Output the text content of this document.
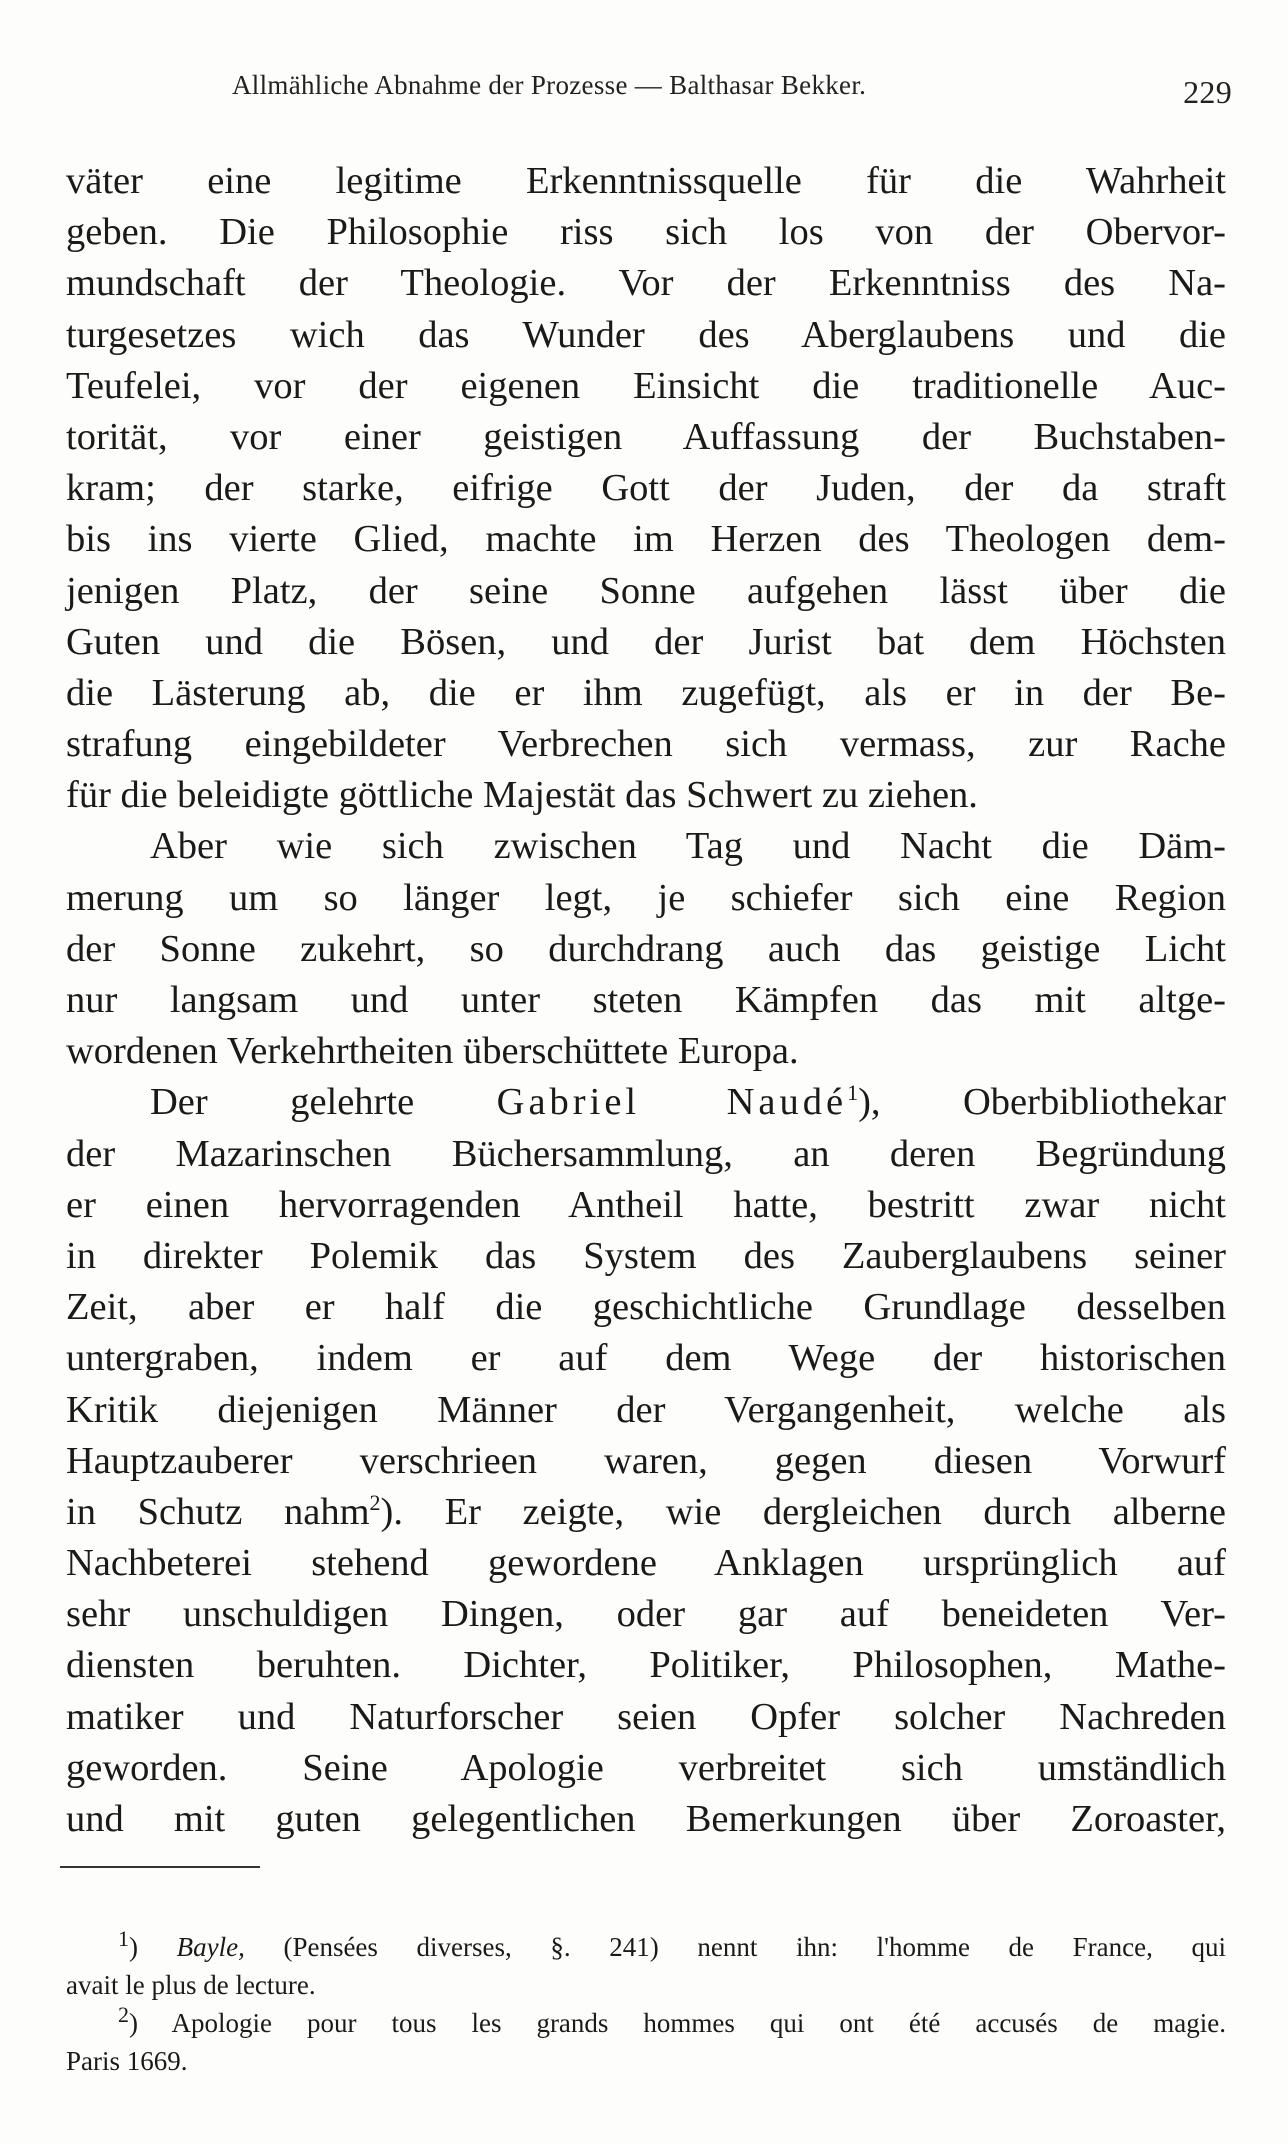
Allmähliche Abnahme der Prozesse — Balthasar Bekker.	229
väter eine legitime Erkenntnissquelle für die Wahrheit
geben. Die Philosophie riss sich los von der Obervor-
mundschaft der Theologie. Vor der Erkenntniss des Na-
turgesetzes wich das Wunder des Aberglaubens und die
Teufelei, vor der eigenen Einsicht die traditionelle Auc-
torität, vor einer geistigen Auffassung der Buchstaben-
kram; der starke, eifrige Gott der Juden, der da straft
bis ins vierte Glied, machte im Herzen des Theologen dem-
jenigen Platz, der seine Sonne aufgehen lässt über die
Guten und die Bösen, und der Jurist bat dem Höchsten
die Lästerung ab, die er ihm zugefügt, als er in der Be-
strafung eingebildeter Verbrechen sich vermass, zur Rache
für die beleidigte göttliche Majestät das Schwert zu ziehen.
Aber wie sich zwischen Tag und Nacht die Däm-
merung um so länger legt, je schiefer sich eine Region
der Sonne zukehrt, so durchdrang auch das geistige Licht
nur langsam und unter steten Kämpfen das mit altge-
wordenen Verkehrtheiten überschüttete Europa.
Der gelehrte Gabriel Naudé$^1$), Oberbibliothekar
der Mazarinschen Büchersammlung, an deren Begründung
er einen hervorragenden Antheil hatte, bestritt zwar nicht
in direkter Polemik das System des Zauberglaubens seiner
Zeit, aber er half die geschichtliche Grundlage desselben
untergraben, indem er auf dem Wege der historischen
Kritik diejenigen Männer der Vergangenheit, welche als
Hauptzauberer verschrieen waren, gegen diesen Vorwurf
in Schutz nahm$^2$). Er zeigte, wie dergleichen durch alberne
Nachbeterei stehend gewordene Anklagen ursprünglich auf
sehr unschuldigen Dingen, oder gar auf beneideten Ver-
diensten beruhten. Dichter, Politiker, Philosophen, Mathe-
matiker und Naturforscher seien Opfer solcher Nachreden
geworden. Seine Apologie verbreitet sich umständlich
und mit guten gelegentlichen Bemerkungen über Zoroaster,
$^1$) Bayle, (Pensées diverses, §. 241) nennt ihn: l'homme de France, qui
avait le plus de lecture.
$^2$) Apologie pour tous les grands hommes qui ont été accusés de magie.
Paris 1669.
